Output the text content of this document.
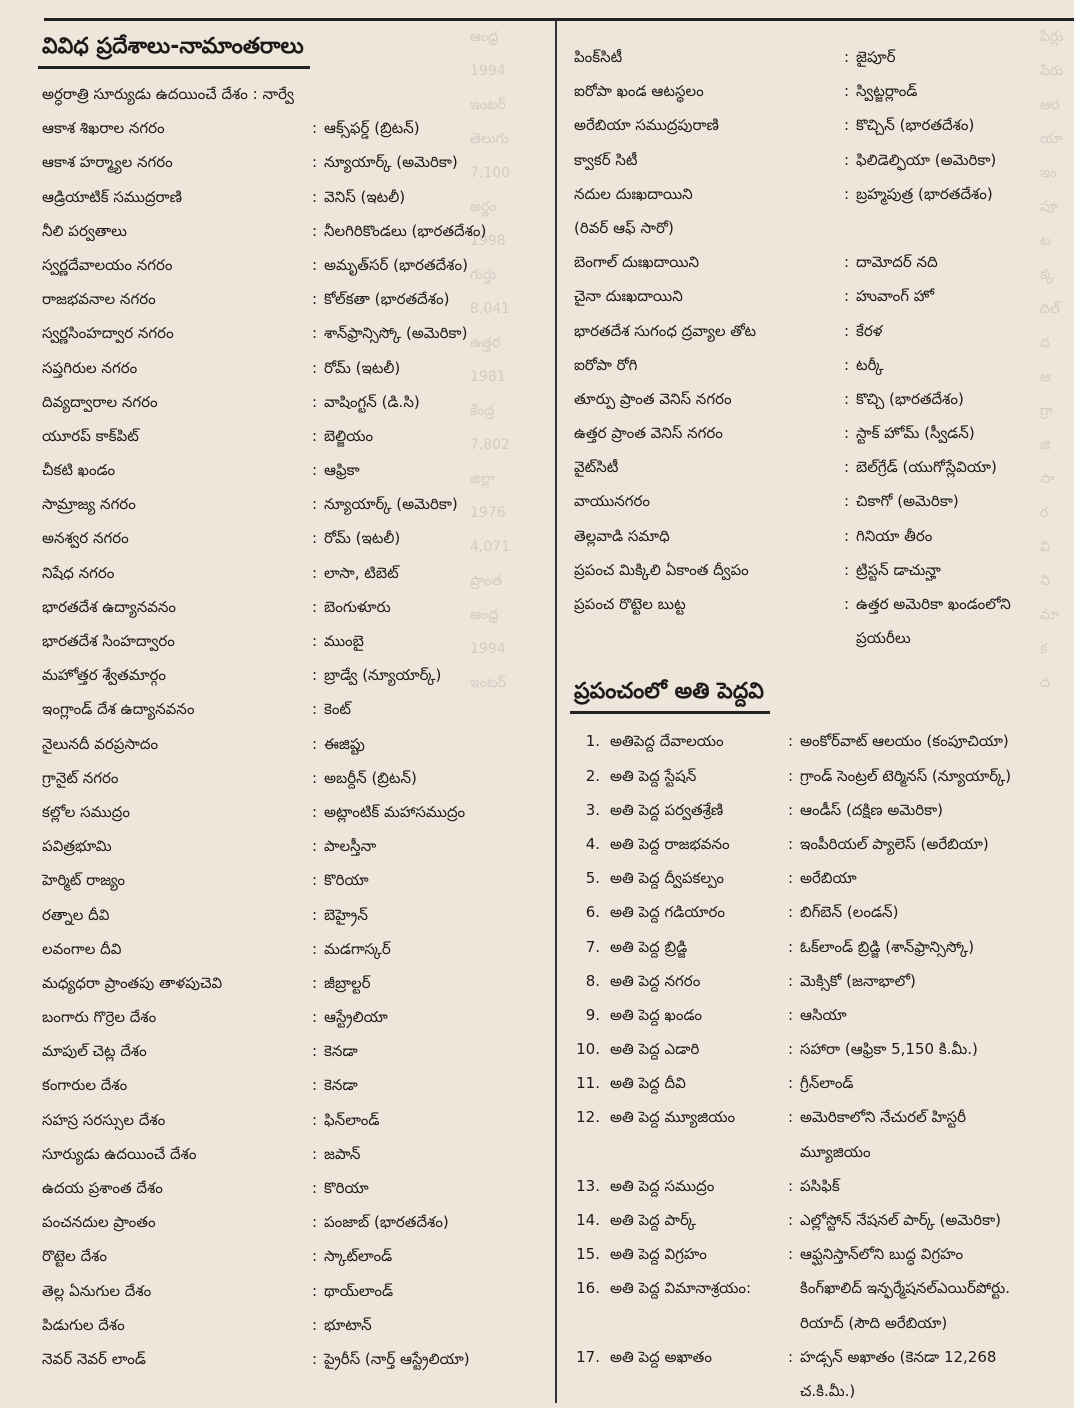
ఆంధ్ర
1994
ఇంటర్
తెలుగు
7,100
అర్థం
1998
గుర్తు
8,041
ఉత్తర
1981
కేంద్ర
7,802
జిల్లా
1976
4,071
ప్రాంత
ఆంధ్ర
1994
ఇంటర్
పేర్లు
పేరు
ఆర
యా
ఇం
పూ
ట
క్క
దిల్
ద
ఆ
గ్రా
జి
సా
ర
వి
ని
మా
క
ద
వివిధ ప్రదేశాలు-నామాంతరాలు
అర్ధరాత్రి సూర్యుడు ఉదయించే దేశం : నార్వే
ఆకాశ శిఖరాల నగరం	: ఆక్స్‌ఫర్డ్ (బ్రిటన్)
ఆకాశ హర్మ్యాల నగరం	: న్యూయార్క్ (అమెరికా)
ఆడ్రియాటిక్ సముద్రరాణి	: వెనిస్ (ఇటలీ)
నీలి పర్వతాలు	: నీలగిరికొండలు (భారతదేశం)
స్వర్ణదేవాలయం నగరం	: అమృత్‌సర్ (భారతదేశం)
రాజభవనాల నగరం	: కోల్‌కతా (భారతదేశం)
స్వర్ణసింహద్వార నగరం	: శాన్‌ఫ్రాన్సిస్కో (అమెరికా)
సప్తగిరుల నగరం	: రోమ్ (ఇటలీ)
దివ్యద్వారాల నగరం	: వాషింగ్టన్ (డి.సి)
యూరప్ కాక్‌పిట్	: బెల్జియం
చీకటి ఖండం	: ఆఫ్రికా
సామ్రాజ్య నగరం	: న్యూయార్క్ (అమెరికా)
అనశ్వర నగరం	: రోమ్ (ఇటలీ)
నిషేధ నగరం	: లాసా, టిబెట్
భారతదేశ ఉద్యానవనం	: బెంగుళూరు
భారతదేశ సింహద్వారం	: ముంబై
మహోత్తర శ్వేతమార్గం	: బ్రాడ్వే (న్యూయార్క్)
ఇంగ్లాండ్ దేశ ఉద్యానవనం	: కెంట్
నైలునదీ వరప్రసాదం	: ఈజిప్టు
గ్రానైట్ నగరం	: అబర్దీన్ (బ్రిటన్)
కల్లోల సముద్రం	: అట్లాంటిక్ మహాసముద్రం
పవిత్రభూమి	: పాలస్తీనా
హెర్మిట్ రాజ్యం	: కొరియా
రత్నాల దీవి	: బెహ్రైన్
లవంగాల దీవి	: మడగాస్కర్
మధ్యధరా ప్రాంతపు తాళపుచెవి	: జీబ్రాల్టర్
బంగారు గొర్రెల దేశం	: ఆస్ట్రేలియా
మాపుల్ చెట్ల దేశం	: కెనడా
కంగారుల దేశం	: కెనడా
సహస్ర సరస్సుల దేశం	: ఫిన్‌లాండ్
సూర్యుడు ఉదయించే దేశం	: జపాన్
ఉదయ ప్రశాంత దేశం	: కొరియా
పంచనదుల ప్రాంతం	: పంజాబ్ (భారతదేశం)
రొట్టెల దేశం	: స్కాట్‌లాండ్
తెల్ల ఏనుగుల దేశం	: థాయ్‌లాండ్
పిడుగుల దేశం	: భూటాన్
నెవర్ నెవర్ లాండ్	: ప్రైరీస్ (నార్త్ ఆస్ట్రేలియా)
పింక్‌సిటీ	: జైపూర్
ఐరోపా ఖండ ఆటస్థలం	: స్విట్జర్లాండ్
అరేబియా సముద్రపురాణి	: కొచ్చిన్ (భారతదేశం)
క్వాకర్ సిటీ	: ఫిలిడెల్ఫియా (అమెరికా)
నదుల దుఃఖదాయిని	: బ్రహ్మపుత్ర (భారతదేశం)
(రివర్ ఆఫ్ సారో)
బెంగాల్ దుఃఖదాయిని	: దామోదర్ నది
చైనా దుఃఖదాయిని	: హువాంగ్ హో
భారతదేశ సుగంధ ద్రవ్యాల తోట	: కేరళ
ఐరోపా రోగి	: టర్కీ
తూర్పు ప్రాంత వెనిస్ నగరం	: కొచ్చి (భారతదేశం)
ఉత్తర ప్రాంత వెనిస్ నగరం	: స్టాక్ హోమ్ (స్వీడన్)
వైట్‌సిటీ	: బెల్‌గ్రేడ్ (యుగోస్లేవియా)
వాయునగరం	: చికాగో (అమెరికా)
తెల్లవాడి సమాధి	: గినియా తీరం
ప్రపంచ మిక్కిలి ఏకాంత ద్వీపం	: ట్రిస్టన్ డాచున్హా
ప్రపంచ రొట్టెల బుట్ట	: ఉత్తర అమెరికా ఖండంలోని
ప్రయరీలు
ప్రపంచంలో అతి పెద్దవి
1. అతిపెద్ద దేవాలయం	: అంకోర్‌వాట్ ఆలయం (కంపూచియా)
2. అతి పెద్ద స్టేషన్	: గ్రాండ్ సెంట్రల్ టెర్మినస్ (న్యూయార్క్)
3. అతి పెద్ద పర్వతశ్రేణి	: ఆండీస్ (దక్షిణ అమెరికా)
4. అతి పెద్ద రాజభవనం	: ఇంపీరియల్ ప్యాలెస్ (అరేబియా)
5. అతి పెద్ద ద్వీపకల్పం	: అరేబియా
6. అతి పెద్ద గడియారం	: బిగ్‌బెన్ (లండన్)
7. అతి పెద్ద బ్రిడ్జి	: ఓక్‌లాండ్ బ్రిడ్జి (శాన్‌ఫ్రాన్సిస్కో)
8. అతి పెద్ద నగరం	: మెక్సికో (జనాభాలో)
9. అతి పెద్ద ఖండం	: ఆసియా
10. అతి పెద్ద ఎడారి	: సహారా (ఆఫ్రికా 5,150 కి.మీ.)
11. అతి పెద్ద దీవి	: గ్రీన్‌లాండ్
12. అతి పెద్ద మ్యూజియం	: అమెరికాలోని నేచురల్ హిస్టరీ
మ్యూజియం
13. అతి పెద్ద సముద్రం	: పసిఫిక్
14. అతి పెద్ద పార్క్	: ఎల్లోస్టోన్ నేషనల్ పార్క్ (అమెరికా)
15. అతి పెద్ద విగ్రహం	: ఆఫ్ఘనిస్తాన్‌లోని బుద్ధ విగ్రహం
16. అతి పెద్ద విమానాశ్రయం:	కింగ్‌ఖాలిద్ ఇన్ఫర్మేషనల్‌ఎయిర్‌పోర్టు.
రియాద్ (సౌది అరేబియా)
17. అతి పెద్ద అఖాతం	: హడ్సన్ అఖాతం (కెనడా 12,268
చ.కి.మీ.)
